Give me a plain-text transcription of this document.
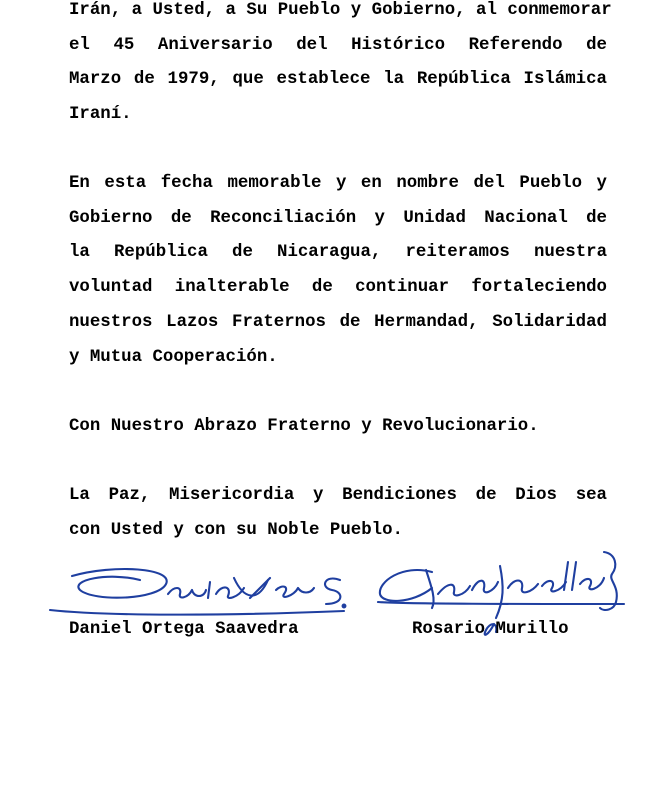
Irán, a Usted, a Su Pueblo y Gobierno, al conmemorar
el 45 Aniversario del Histórico Referendo de
Marzo de 1979, que establece la República Islámica
Iraní.

En esta fecha memorable y en nombre del Pueblo y
Gobierno de Reconciliación y Unidad Nacional de
la República de Nicaragua, reiteramos nuestra
voluntad inalterable de continuar fortaleciendo
nuestros Lazos Fraternos de Hermandad, Solidaridad
y Mutua Cooperación.

Con Nuestro Abrazo Fraterno y Revolucionario.

La Paz, Misericordia y Bendiciones de Dios sea
con Usted y con su Noble Pueblo.

Daniel Ortega Saavedra	Rosario Murillo
